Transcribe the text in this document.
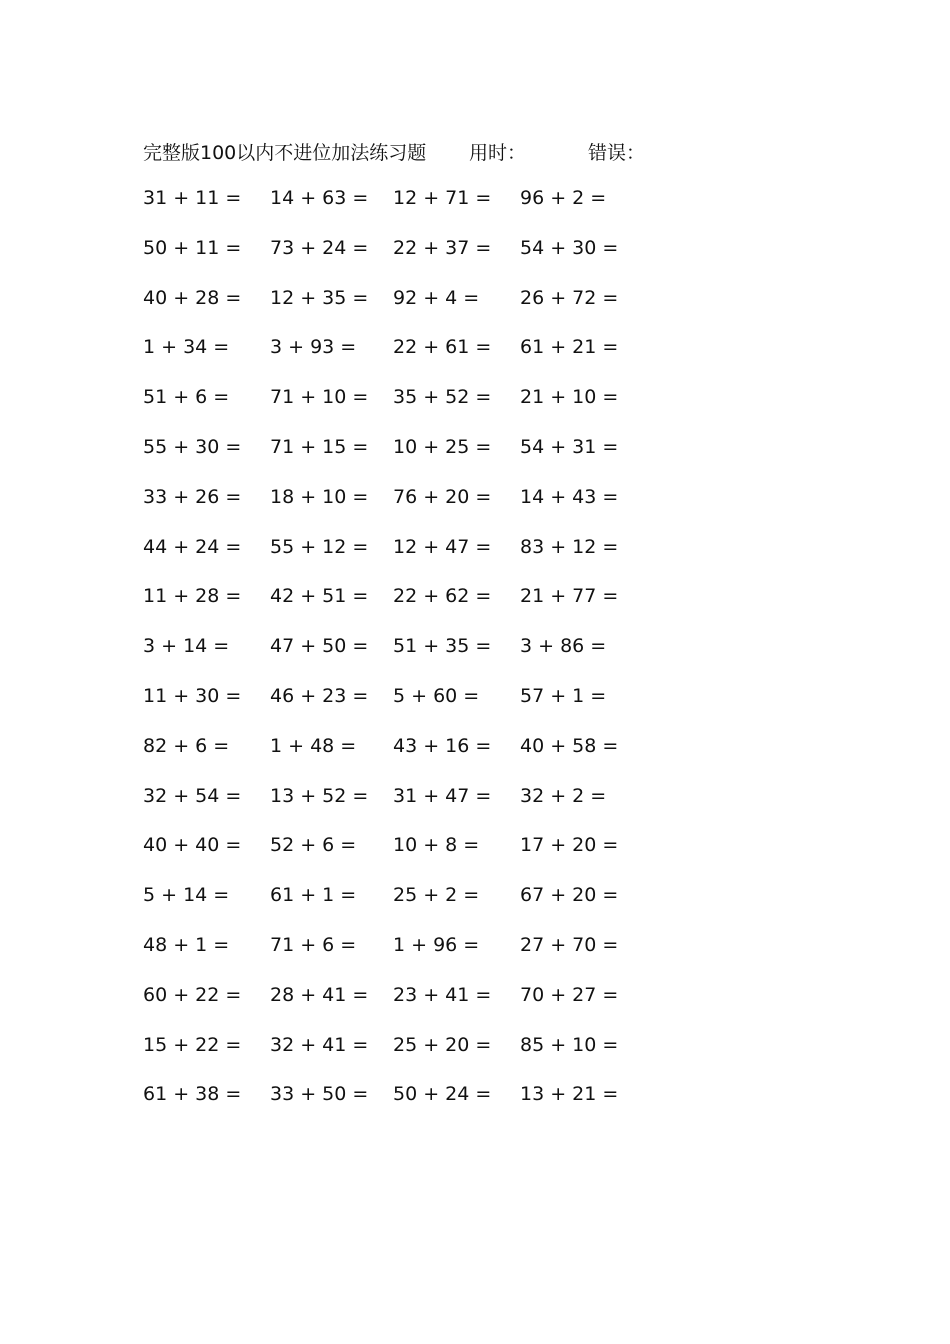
完整版100以内不进位加法练习题 用时：	错误：
31 + 11 = 14 + 63 = 12 + 71 = 96 + 2 =
50 + 11 = 73 + 24 = 22 + 37 = 54 + 30 =
40 + 28 = 12 + 35 = 92 + 4 = 26 + 72 =
1 + 34 = 3 + 93 = 22 + 61 = 61 + 21 =
51 + 6 = 71 + 10 = 35 + 52 = 21 + 10 =
55 + 30 = 71 + 15 = 10 + 25 = 54 + 31 =
33 + 26 = 18 + 10 = 76 + 20 = 14 + 43 =
44 + 24 = 55 + 12 = 12 + 47 = 83 + 12 =
11 + 28 = 42 + 51 = 22 + 62 = 21 + 77 =
3 + 14 = 47 + 50 = 51 + 35 = 3 + 86 =
11 + 30 = 46 + 23 = 5 + 60 = 57 + 1 =
82 + 6 = 1 + 48 = 43 + 16 = 40 + 58 =
32 + 54 = 13 + 52 = 31 + 47 = 32 + 2 =
40 + 40 = 52 + 6 = 10 + 8 = 17 + 20 =
5 + 14 = 61 + 1 = 25 + 2 = 67 + 20 =
48 + 1 = 71 + 6 = 1 + 96 = 27 + 70 =
60 + 22 = 28 + 41 = 23 + 41 = 70 + 27 =
15 + 22 = 32 + 41 = 25 + 20 = 85 + 10 =
61 + 38 = 33 + 50 = 50 + 24 = 13 + 21 =
